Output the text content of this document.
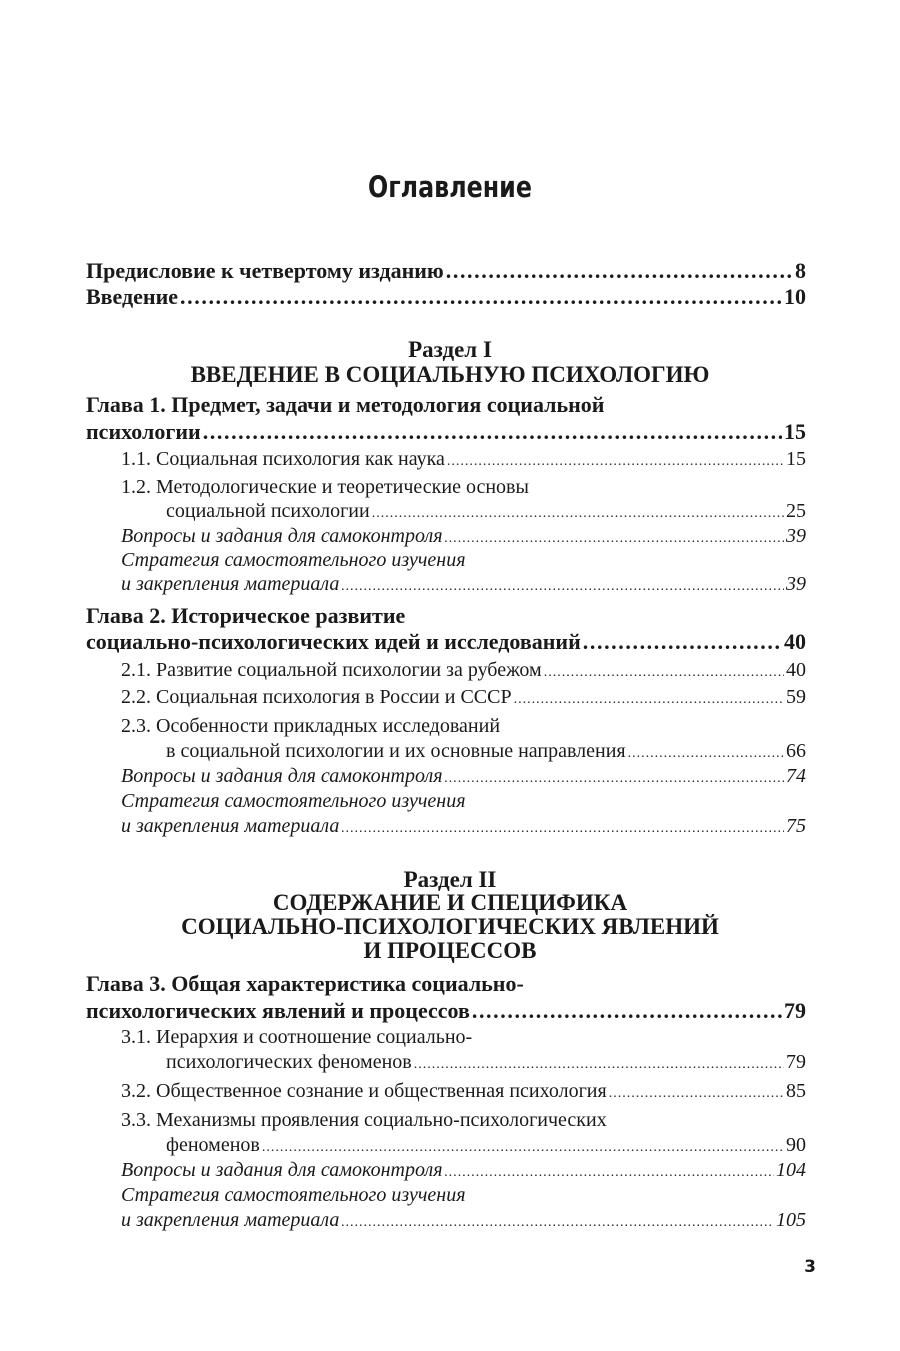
Оглавление
Предисловие к четвертому изданию .....	8
Введение .....	10
Раздел I
ВВЕДЕНИЕ В СОЦИАЛЬНУЮ ПСИХОЛОГИЮ
Глава 1. Предмет, задачи и методология социальной
психологии .....	15
1.1. Социальная психология как наука .....	15
1.2. Методологические и теоретические основы
социальной психологии .....	25
Вопросы и задания для самоконтроля .....	39
Стратегия самостоятельного изучения
и закрепления материала .....	39
Глава 2. Историческое развитие
социально-психологических идей и исследований .....	40
2.1. Развитие социальной психологии за рубежом .....	40
2.2. Социальная психология в России и СССР .....	59
2.3. Особенности прикладных исследований
в социальной психологии и их основные направления .....	66
Вопросы и задания для самоконтроля .....	74
Стратегия самостоятельного изучения
и закрепления материала .....	75
Раздел II
СОДЕРЖАНИЕ И СПЕЦИФИКА
СОЦИАЛЬНО-ПСИХОЛОГИЧЕСКИХ ЯВЛЕНИЙ
И ПРОЦЕССОВ
Глава 3. Общая характеристика социально-
психологических явлений и процессов .....	79
3.1. Иерархия и соотношение социально-
психологических феноменов .....	79
3.2. Общественное сознание и общественная психология .....	85
3.3. Механизмы проявления социально-психологических
феноменов .....	90
Вопросы и задания для самоконтроля .....	104
Стратегия самостоятельного изучения
и закрепления материала .....	105
3
